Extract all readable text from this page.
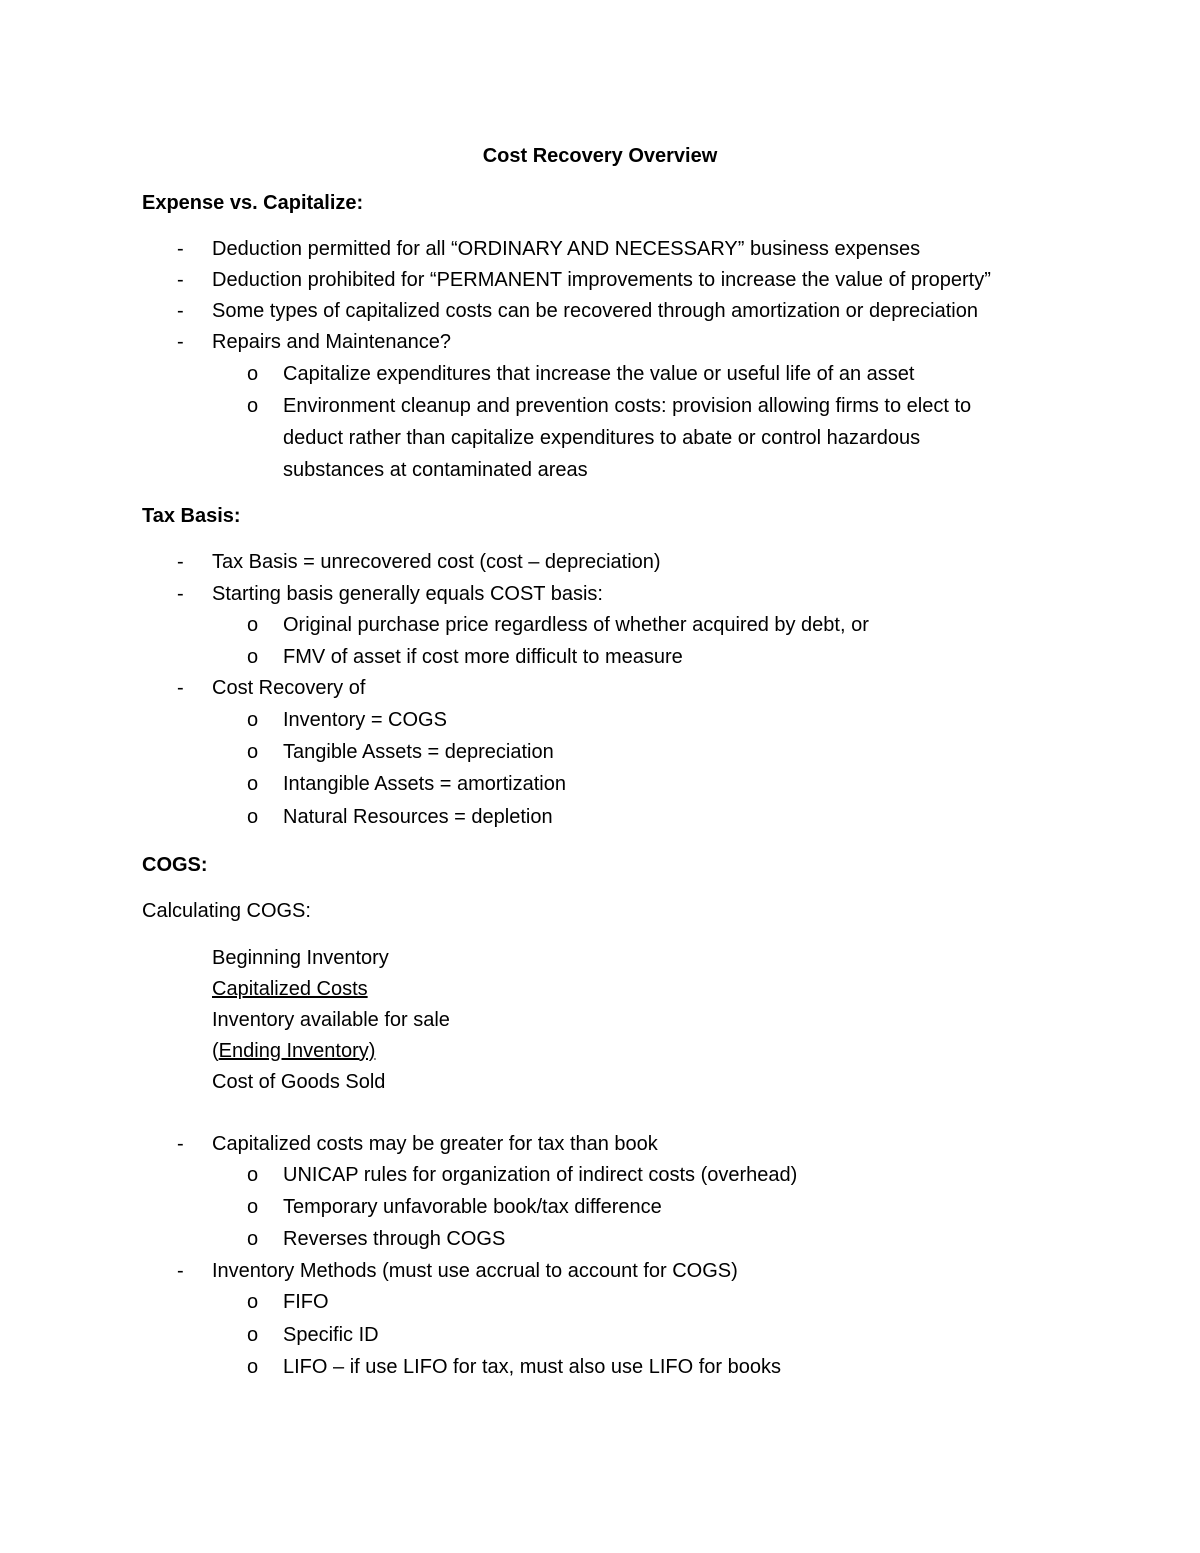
Cost Recovery Overview
Expense vs. Capitalize:
- Deduction permitted for all “ORDINARY AND NECESSARY” business expenses
- Deduction prohibited for “PERMANENT improvements to increase the value of property”
- Some types of capitalized costs can be recovered through amortization or depreciation
- Repairs and Maintenance?
o Capitalize expenditures that increase the value or useful life of an asset
o Environment cleanup and prevention costs: provision allowing firms to elect to
deduct rather than capitalize expenditures to abate or control hazardous
substances at contaminated areas
Tax Basis:
- Tax Basis = unrecovered cost (cost – depreciation)
- Starting basis generally equals COST basis:
o Original purchase price regardless of whether acquired by debt, or
o FMV of asset if cost more difficult to measure
- Cost Recovery of
o Inventory = COGS
o Tangible Assets = depreciation
o Intangible Assets = amortization
o Natural Resources = depletion
COGS:
Calculating COGS:
Beginning Inventory
Capitalized Costs
Inventory available for sale
(Ending Inventory)
Cost of Goods Sold
- Capitalized costs may be greater for tax than book
o UNICAP rules for organization of indirect costs (overhead)
o Temporary unfavorable book/tax difference
o Reverses through COGS
- Inventory Methods (must use accrual to account for COGS)
o FIFO
o Specific ID
o LIFO – if use LIFO for tax, must also use LIFO for books
